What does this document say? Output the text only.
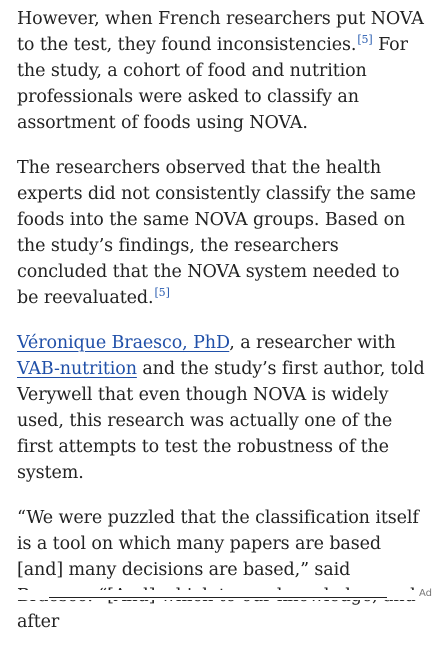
However, when French researchers put NOVA to the test, they found inconsistencies.[5] For the study, a cohort of food and nutrition professionals were asked to classify an assortment of foods using NOVA.

The researchers observed that the health experts did not consistently classify the same foods into the same NOVA groups. Based on the study’s findings, the researchers concluded that the NOVA system needed to be reevaluated.[5]

Véronique Braesco, PhD, a researcher with VAB-nutrition and the study’s first author, told Verywell that even though NOVA is widely used, this research was actually one of the first attempts to test the robustness of the system.

“We were puzzled that the classification itself is a tool on which many papers are based [and] many decisions are based,” said after

Ad
